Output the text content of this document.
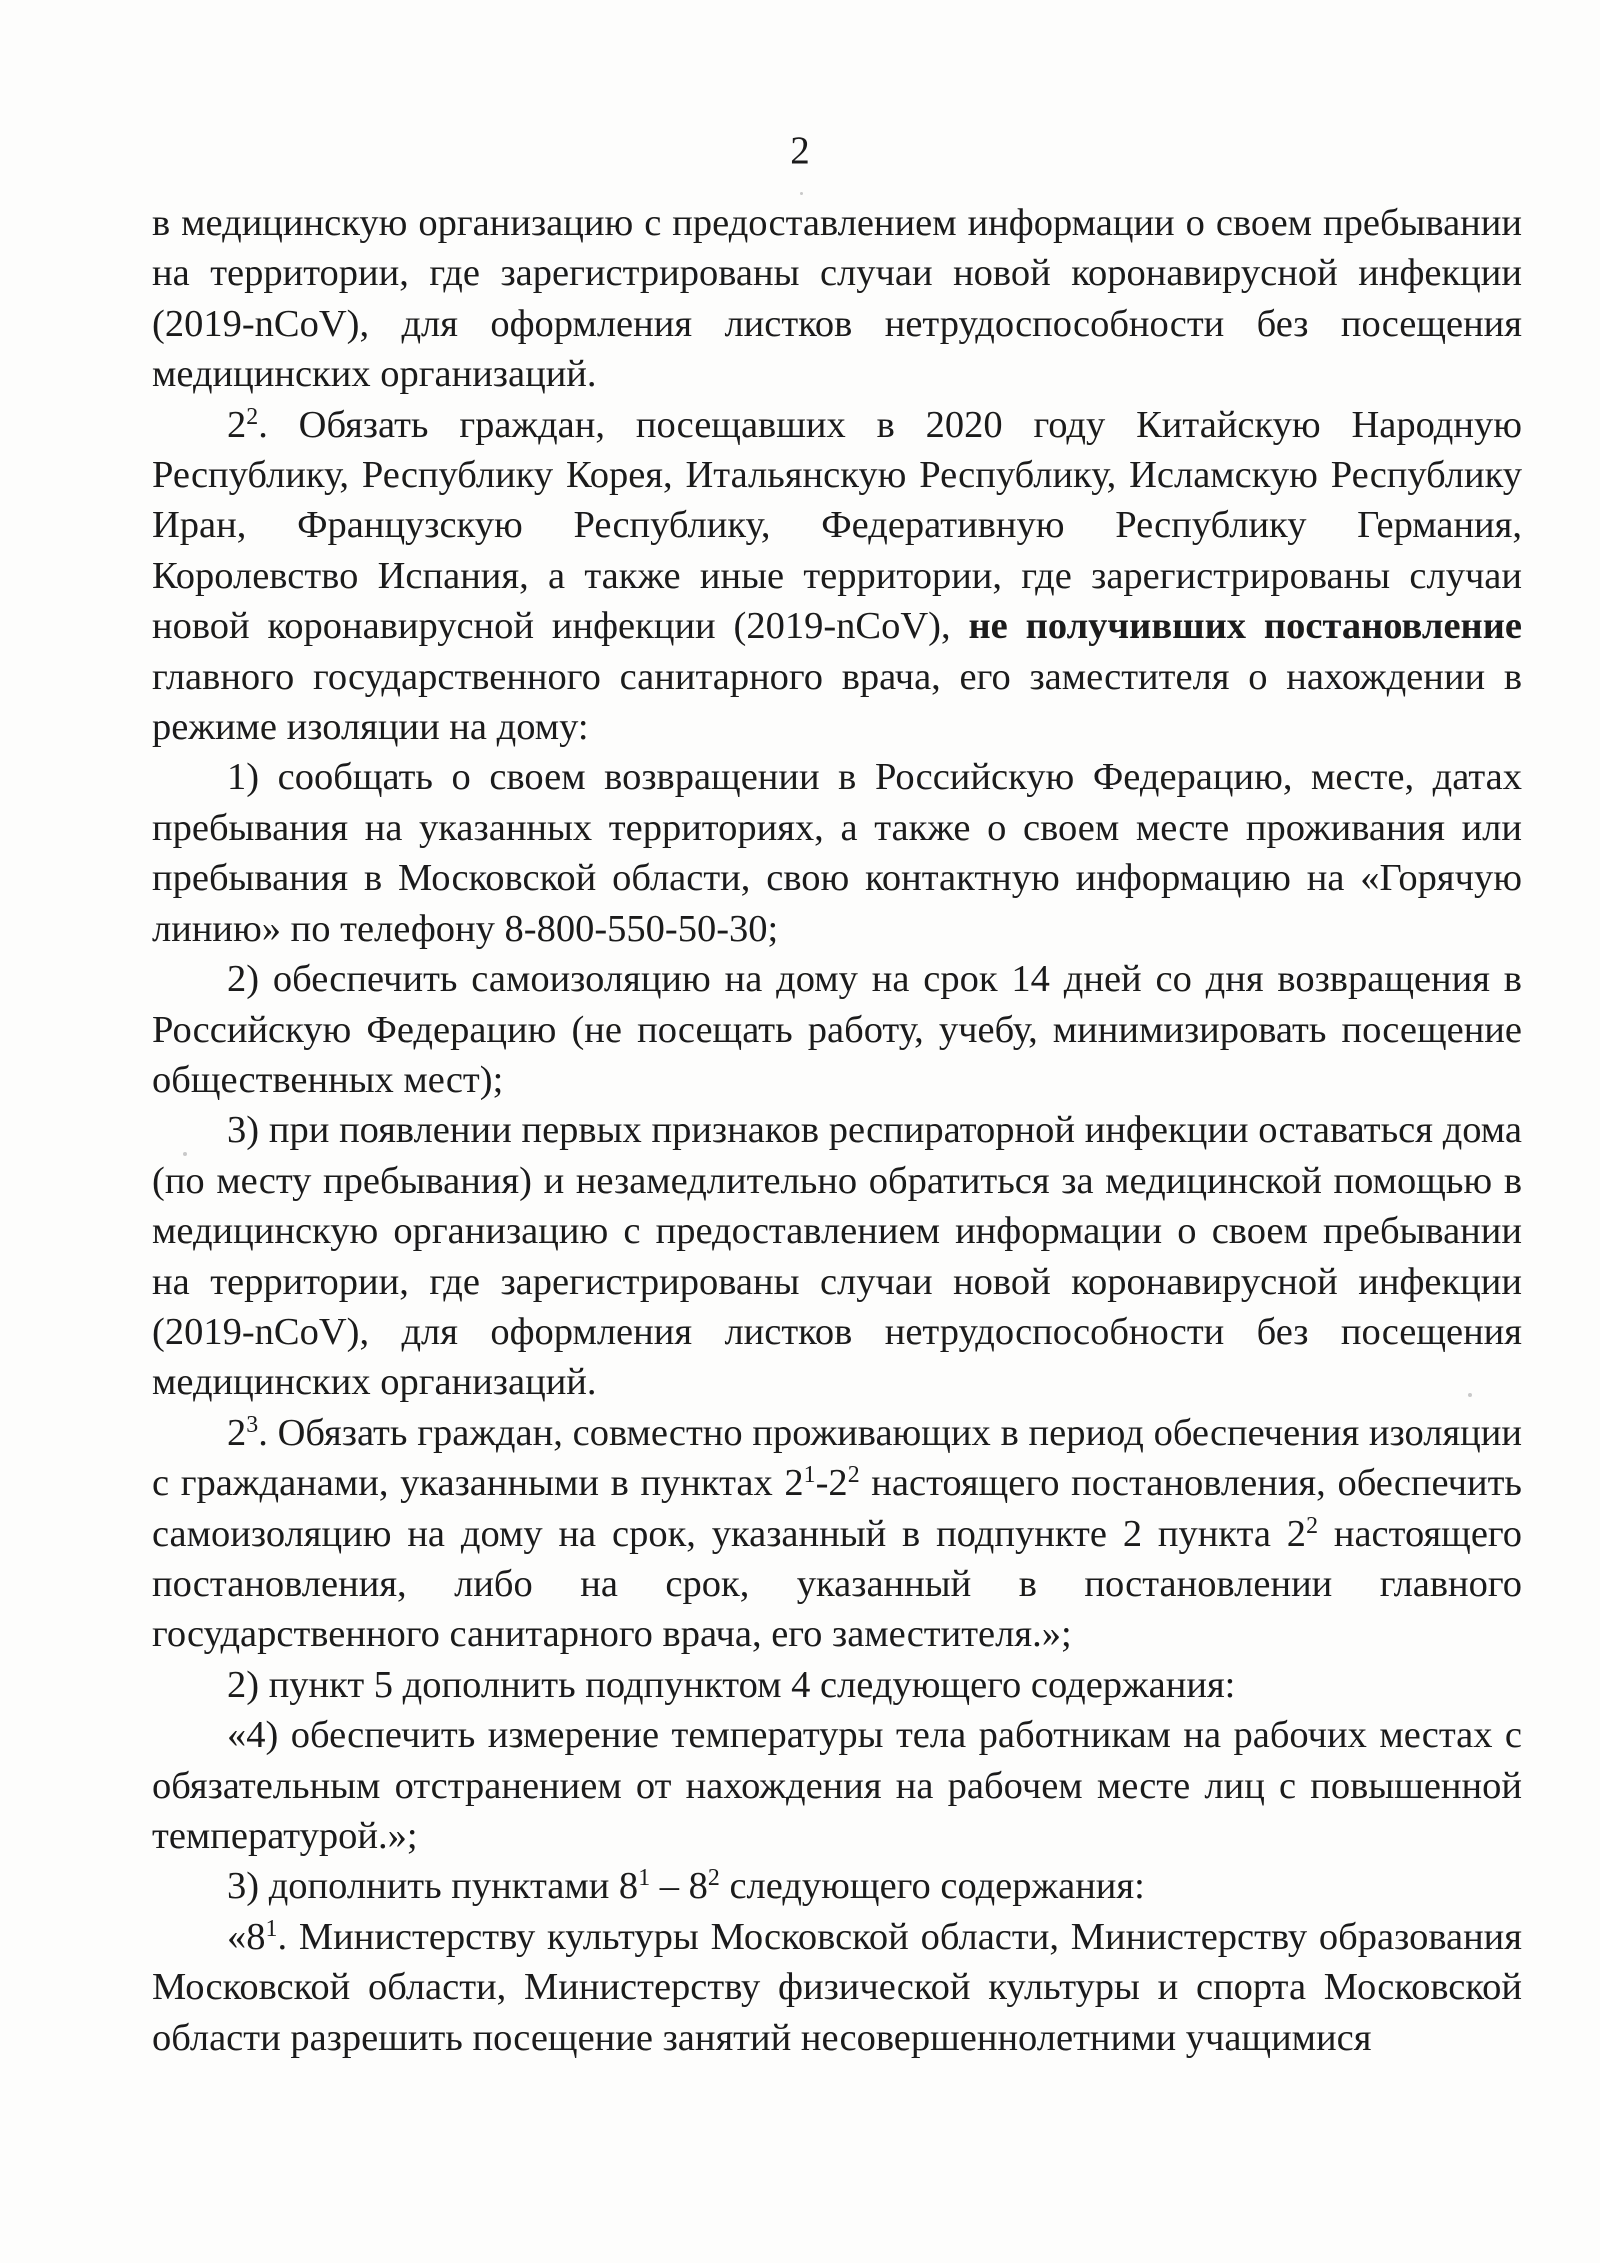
2

в медицинскую организацию с предоставлением информации о своем пребывании на территории, где зарегистрированы случаи новой коронавирусной инфекции (2019-nCoV), для оформления листков нетрудоспособности без посещения медицинских организаций.

$2^2$. Обязать граждан, посещавших в 2020 году Китайскую Народную Республику, Республику Корея, Итальянскую Республику, Исламскую Республику Иран, Французскую Республику, Федеративную Республику Германия, Королевство Испания, а также иные территории, где зарегистрированы случаи новой коронавирусной инфекции (2019-nCoV), не получивших постановление главного государственного санитарного врача, его заместителя о нахождении в режиме изоляции на дому:

1) сообщать о своем возвращении в Российскую Федерацию, месте, датах пребывания на указанных территориях, а также о своем месте проживания или пребывания в Московской области, свою контактную информацию на «Горячую линию» по телефону 8-800-550-50-30;

2) обеспечить самоизоляцию на дому на срок 14 дней со дня возвращения в Российскую Федерацию (не посещать работу, учебу, минимизировать посещение общественных мест);

3) при появлении первых признаков респираторной инфекции оставаться дома (по месту пребывания) и незамедлительно обратиться за медицинской помощью в медицинскую организацию с предоставлением информации о своем пребывании на территории, где зарегистрированы случаи новой коронавирусной инфекции (2019-nCoV), для оформления листков нетрудоспособности без посещения медицинских организаций.

$2^3$. Обязать граждан, совместно проживающих в период обеспечения изоляции с гражданами, указанными в пунктах $2^1-2^2$ настоящего постановления, обеспечить самоизоляцию на дому на срок, указанный в подпункте 2 пункта $2^2$ настоящего постановления, либо на срок, указанный в постановлении главного государственного санитарного врача, его заместителя.»;

2) пункт 5 дополнить подпунктом 4 следующего содержания:

«4) обеспечить измерение температуры тела работникам на рабочих местах с обязательным отстранением от нахождения на рабочем месте лиц с повышенной температурой.»;

3) дополнить пунктами $8^1 - 8^2$ следующего содержания:

«$8^1$. Министерству культуры Московской области, Министерству образования Московской области, Министерству физической культуры и спорта Московской области разрешить посещение занятий несовершеннолетними учащимися
